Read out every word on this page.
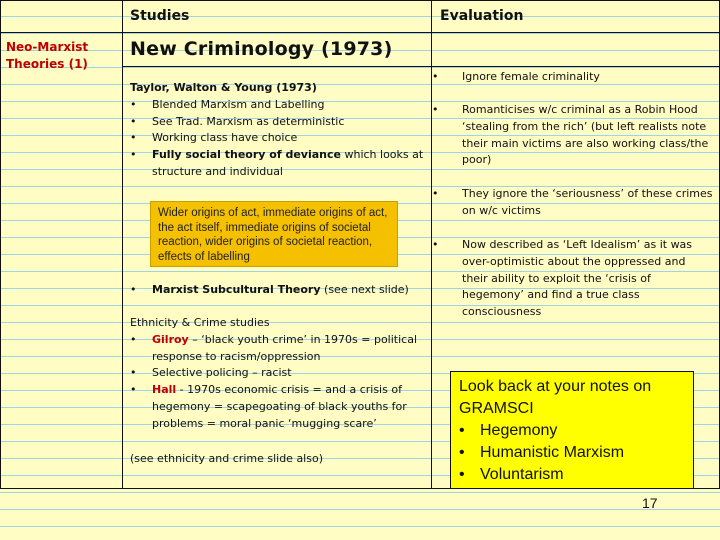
Studies	Evaluation
Neo-Marxist Theories (1)
New Criminology (1973)
Taylor, Walton & Young (1973)
• Blended Marxism and Labelling
• See Trad. Marxism as deterministic
• Working class have choice
• Fully social theory of deviance which looks at structure and individual
Wider origins of act, immediate origins of act, the act itself, immediate origins of societal reaction, wider origins of societal reaction, effects of labelling
• Marxist Subcultural Theory (see next slide)
Ethnicity & Crime studies
• Gilroy – ‘black youth crime’ in 1970s = political response to racism/oppression
• Selective policing – racist
• Hall - 1970s economic crisis = and a crisis of hegemony = scapegoating of black youths for problems = moral panic ‘mugging scare’
(see ethnicity and crime slide also)
• Ignore female criminality
• Romanticises w/c criminal as a Robin Hood ‘stealing from the rich’ (but left realists note their main victims are also working class/the poor)
• They ignore the ‘seriousness’ of these crimes on w/c victims
• Now described as ‘Left Idealism’ as it was over-optimistic about the oppressed and their ability to exploit the ‘crisis of hegemony’ and find a true class consciousness
Look back at your notes on GRAMSCI
• Hegemony
• Humanistic Marxism
• Voluntarism
17
